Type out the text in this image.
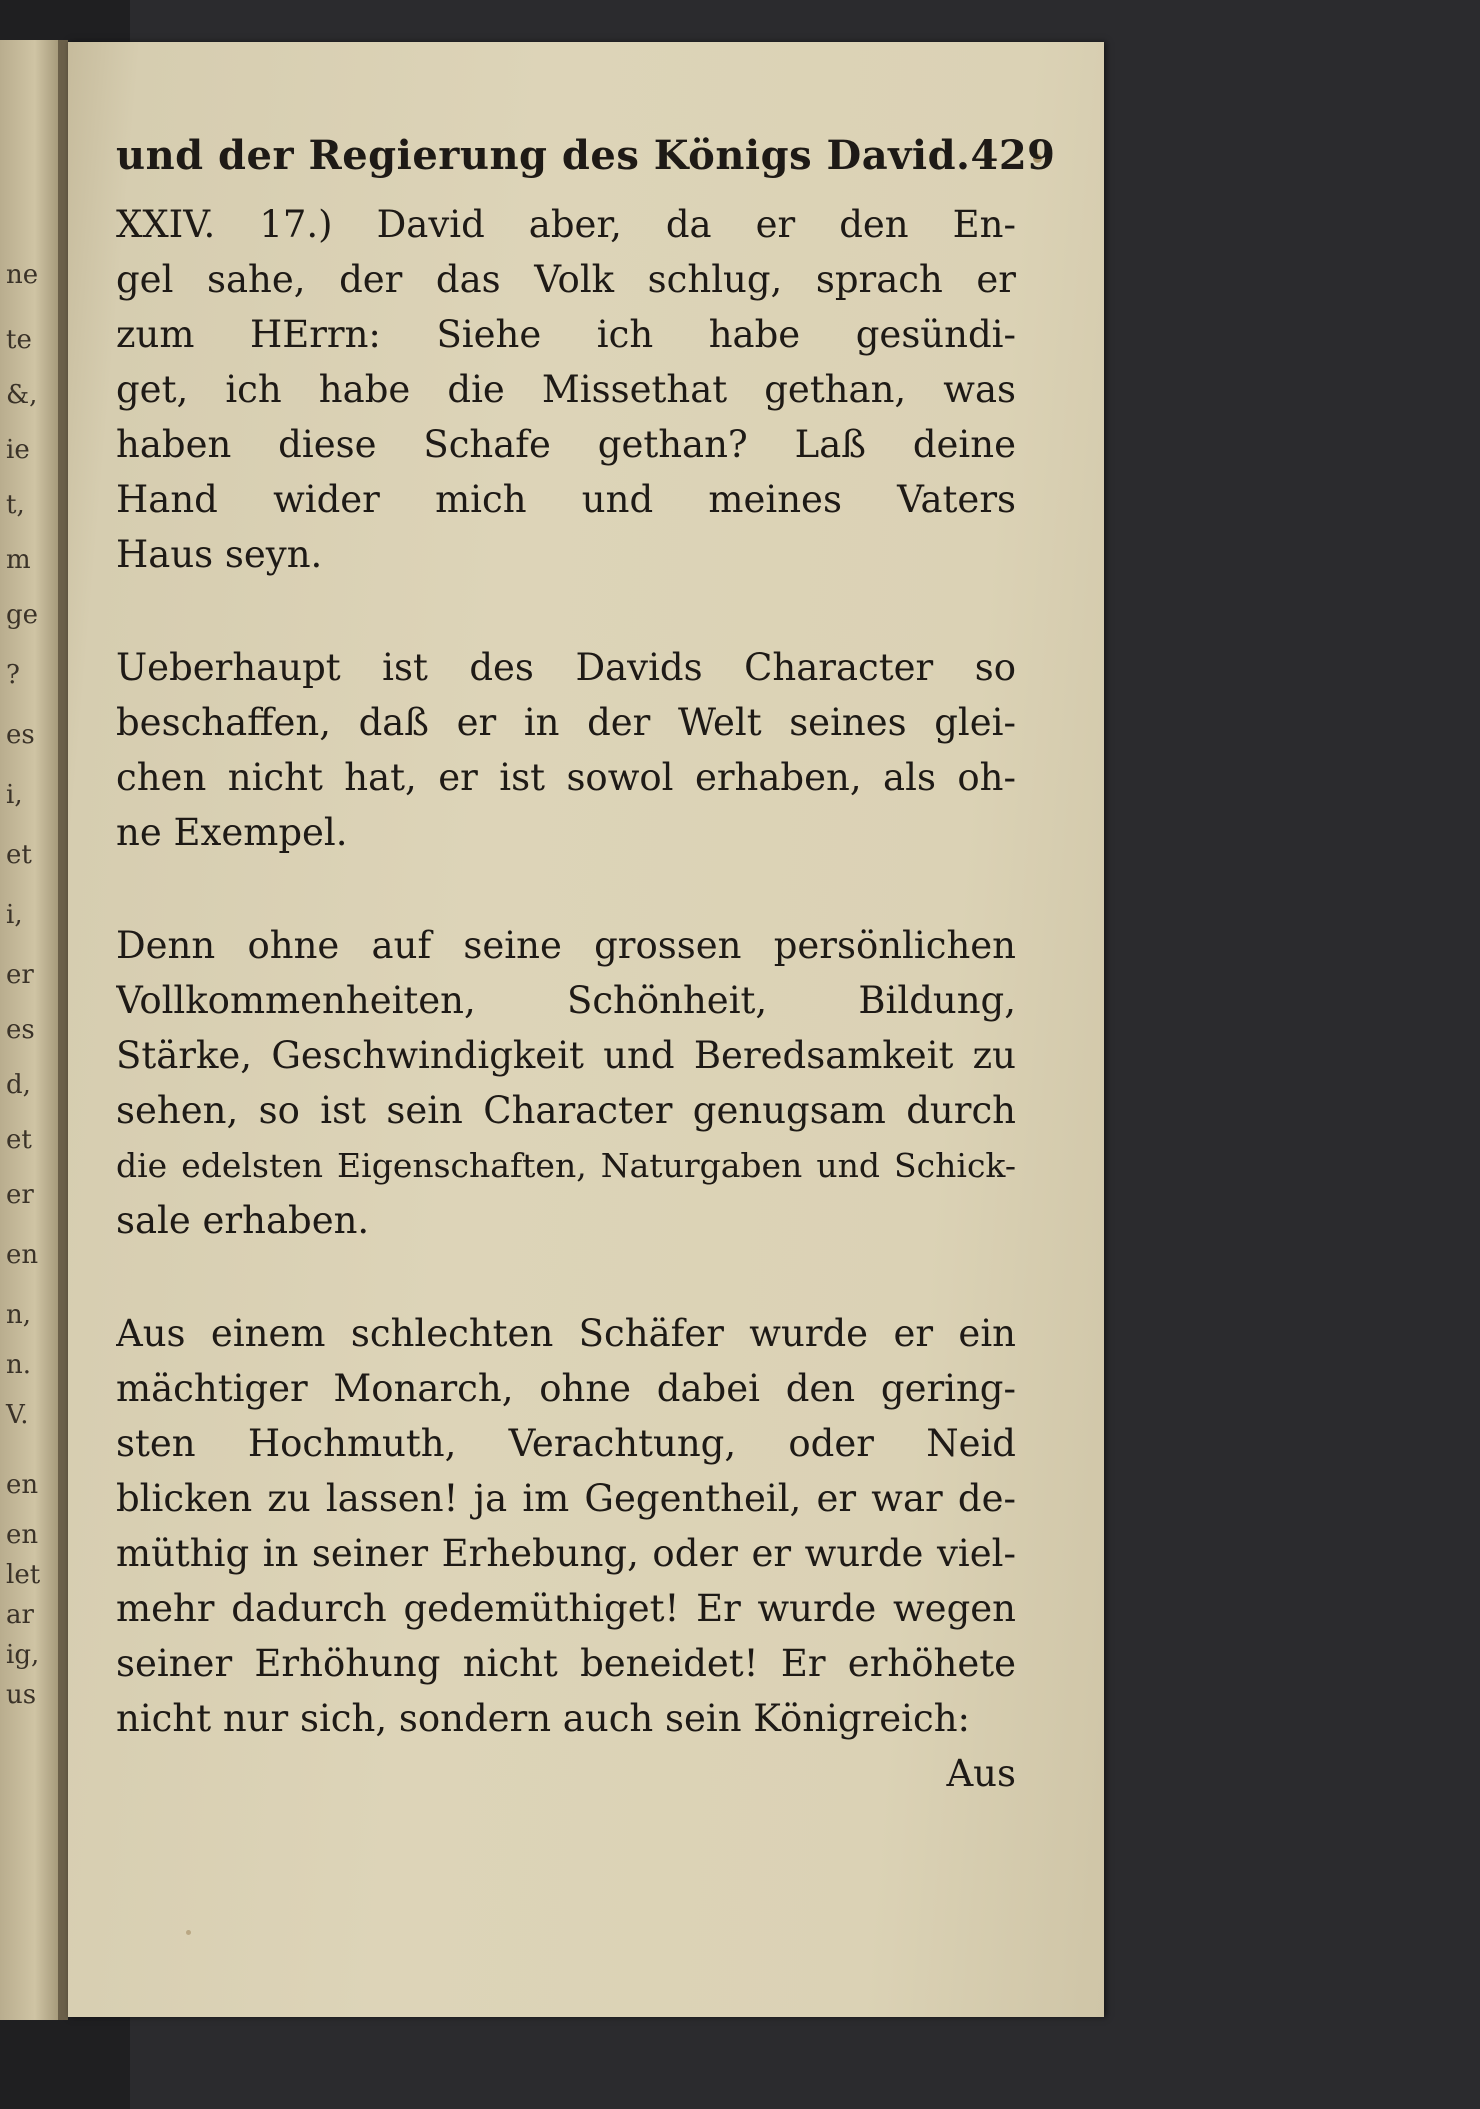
ne
te
&,
ie
t,
m
ge
?
es
i,
et
i,
er
es
d,
et
er
en
n,
n.
V.
en
en
let
ar
ig,
us
und der Regierung des Königs David. 429
XXIV. 17.) David aber, da er den En-
gel sahe, der das Volk schlug, sprach er
zum HErrn: Siehe ich habe gesündi-
get, ich habe die Missethat gethan, was
haben diese Schafe gethan? Laß deine
Hand wider mich und meines Vaters
Haus seyn.
Ueberhaupt ist des Davids Character so
beschaffen, daß er in der Welt seines glei-
chen nicht hat, er ist sowol erhaben, als oh-
ne Exempel.
Denn ohne auf seine grossen persönlichen
Vollkommenheiten, Schönheit, Bildung,
Stärke, Geschwindigkeit und Beredsamkeit zu
sehen, so ist sein Character genugsam durch
die edelsten Eigenschaften, Naturgaben und Schick-
sale erhaben.
Aus einem schlechten Schäfer wurde er ein
mächtiger Monarch, ohne dabei den gering-
sten Hochmuth, Verachtung, oder Neid
blicken zu lassen! ja im Gegentheil, er war de-
müthig in seiner Erhebung, oder er wurde viel-
mehr dadurch gedemüthiget! Er wurde wegen
seiner Erhöhung nicht beneidet! Er erhöhete
nicht nur sich, sondern auch sein Königreich:
Aus
